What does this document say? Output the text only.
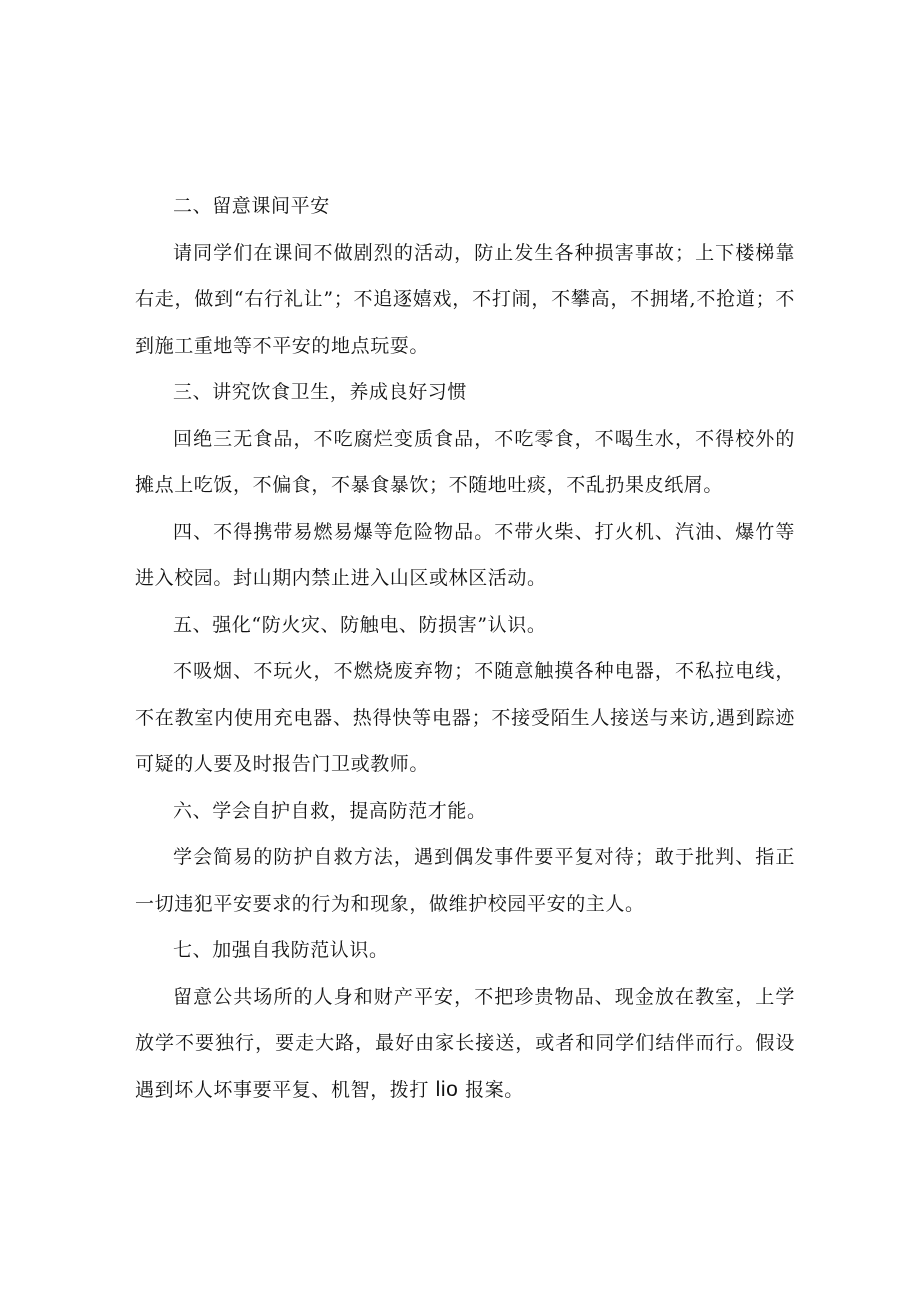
二、留意课间平安

请同学们在课间不做剧烈的活动，防止发生各种损害事故；上下楼梯靠右走，做到“右行礼让”；不追逐嬉戏，不打闹，不攀高，不拥堵,不抢道；不到施工重地等不平安的地点玩耍。

三、讲究饮食卫生，养成良好习惯

回绝三无食品，不吃腐烂变质食品，不吃零食，不喝生水，不得校外的摊点上吃饭，不偏食，不暴食暴饮；不随地吐痰，不乱扔果皮纸屑。

四、不得携带易燃易爆等危险物品。不带火柴、打火机、汽油、爆竹等进入校园。封山期内禁止进入山区或林区活动。

五、强化“防火灾、防触电、防损害”认识。

不吸烟、不玩火，不燃烧废弃物；不随意触摸各种电器，不私拉电线，不在教室内使用充电器、热得快等电器；不接受陌生人接送与来访,遇到踪迹可疑的人要及时报告门卫或教师。

六、学会自护自救，提高防范才能。

学会简易的防护自救方法，遇到偶发事件要平复对待；敢于批判、指正一切违犯平安要求的行为和现象，做维护校园平安的主人。

七、加强自我防范认识。

留意公共场所的人身和财产平安，不把珍贵物品、现金放在教室，上学放学不要独行，要走大路，最好由家长接送，或者和同学们结伴而行。假设遇到坏人坏事要平复、机智，拨打 lio 报案。
